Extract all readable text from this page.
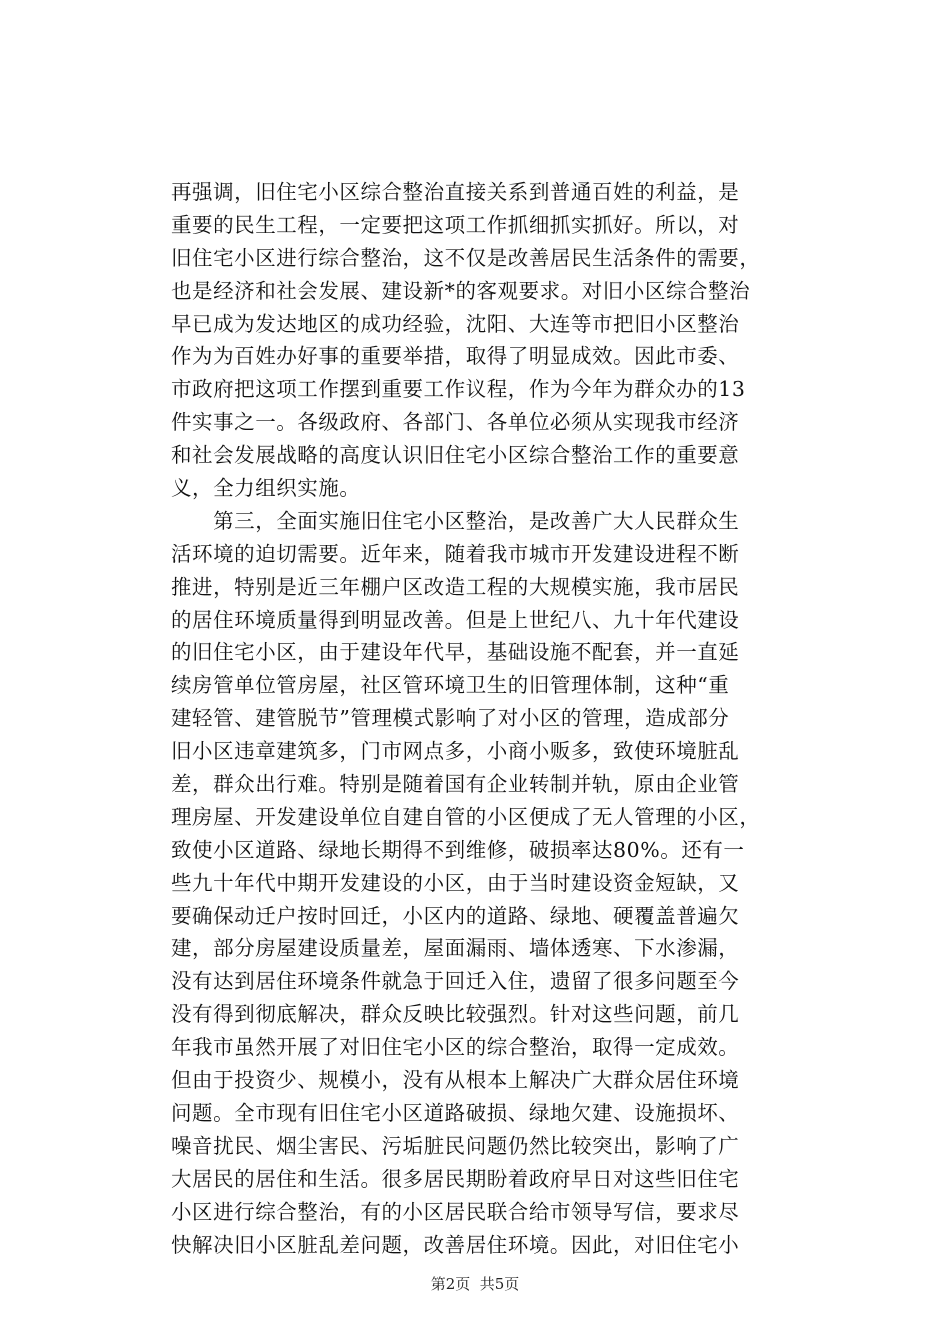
再强调，旧住宅小区综合整治直接关系到普通百姓的利益，是
重要的民生工程，一定要把这项工作抓细抓实抓好。所以，对
旧住宅小区进行综合整治，这不仅是改善居民生活条件的需要，
也是经济和社会发展、建设新*的客观要求。对旧小区综合整治
早已成为发达地区的成功经验，沈阳、大连等市把旧小区整治
作为为百姓办好事的重要举措，取得了明显成效。因此市委、
市政府把这项工作摆到重要工作议程，作为今年为群众办的13
件实事之一。各级政府、各部门、各单位必须从实现我市经济
和社会发展战略的高度认识旧住宅小区综合整治工作的重要意
义，全力组织实施。
　　第三，全面实施旧住宅小区整治，是改善广大人民群众生
活环境的迫切需要。近年来，随着我市城市开发建设进程不断
推进，特别是近三年棚户区改造工程的大规模实施，我市居民
的居住环境质量得到明显改善。但是上世纪八、九十年代建设
的旧住宅小区，由于建设年代早，基础设施不配套，并一直延
续房管单位管房屋，社区管环境卫生的旧管理体制，这种“重
建轻管、建管脱节”管理模式影响了对小区的管理，造成部分
旧小区违章建筑多，门市网点多，小商小贩多，致使环境脏乱
差，群众出行难。特别是随着国有企业转制并轨，原由企业管
理房屋、开发建设单位自建自管的小区便成了无人管理的小区，
致使小区道路、绿地长期得不到维修，破损率达80%。还有一
些九十年代中期开发建设的小区，由于当时建设资金短缺，又
要确保动迁户按时回迁，小区内的道路、绿地、硬覆盖普遍欠
建，部分房屋建设质量差，屋面漏雨、墙体透寒、下水渗漏，
没有达到居住环境条件就急于回迁入住，遗留了很多问题至今
没有得到彻底解决，群众反映比较强烈。针对这些问题，前几
年我市虽然开展了对旧住宅小区的综合整治，取得一定成效。
但由于投资少、规模小，没有从根本上解决广大群众居住环境
问题。全市现有旧住宅小区道路破损、绿地欠建、设施损坏、
噪音扰民、烟尘害民、污垢脏民问题仍然比较突出，影响了广
大居民的居住和生活。很多居民期盼着政府早日对这些旧住宅
小区进行综合整治，有的小区居民联合给市领导写信，要求尽
快解决旧小区脏乱差问题，改善居住环境。因此，对旧住宅小
第2页  共5页
